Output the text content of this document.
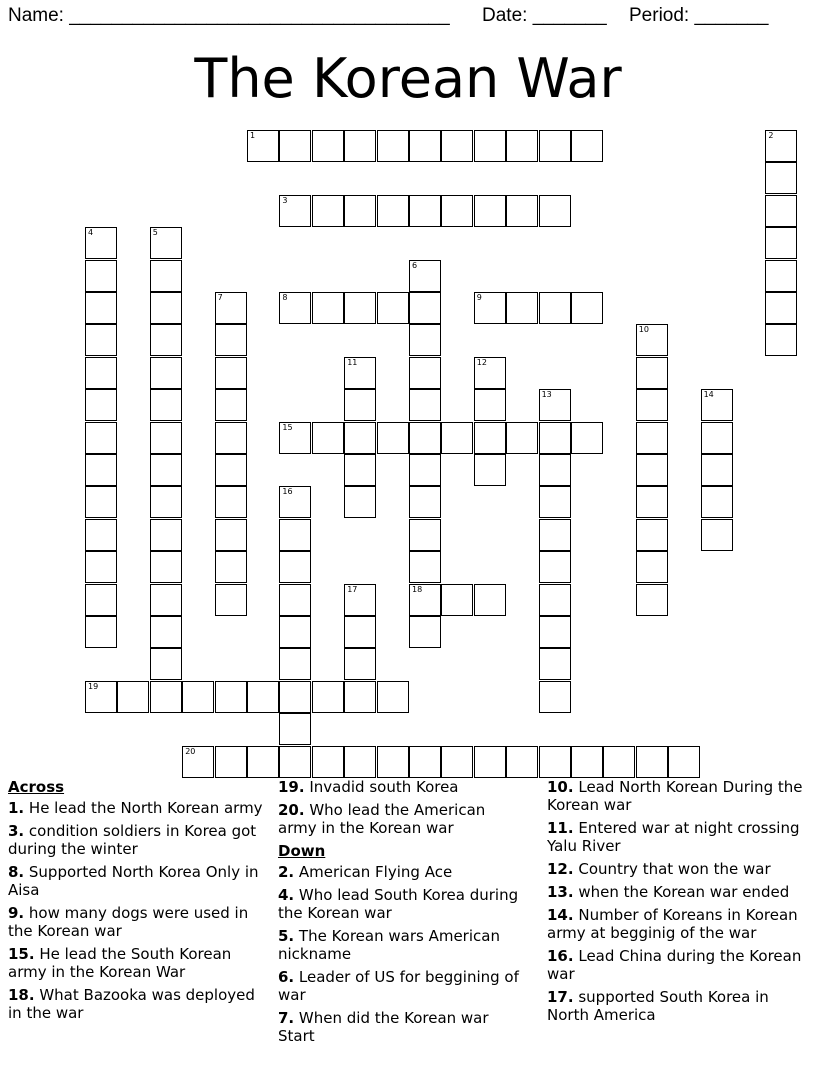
Name: ____________________________________ Date: _______ Period: _______
The Korean War
1	2
3
4	5
6
18
7	8	9
10
11	12
13	14
15
16
17
19
20
Across
1. He lead the North Korean army
3. condition soldiers in Korea got during the winter
8. Supported North Korea Only in Aisa
9. how many dogs were used in the Korean war
15. He lead the South Korean army in the Korean War
18. What Bazooka was deployed in the war
19. Invadid south Korea
20. Who lead the American army in the Korean war
Down
2. American Flying Ace
4. Who lead South Korea during the Korean war
5. The Korean wars American nickname
6. Leader of US for beggining of war
7. When did the Korean war Start
10. Lead North Korean During the Korean war
11. Entered war at night crossing Yalu River
12. Country that won the war
13. when the Korean war ended
14. Number of Koreans in Korean army at begginig of the war
16. Lead China during the Korean war
17. supported South Korea in North America
